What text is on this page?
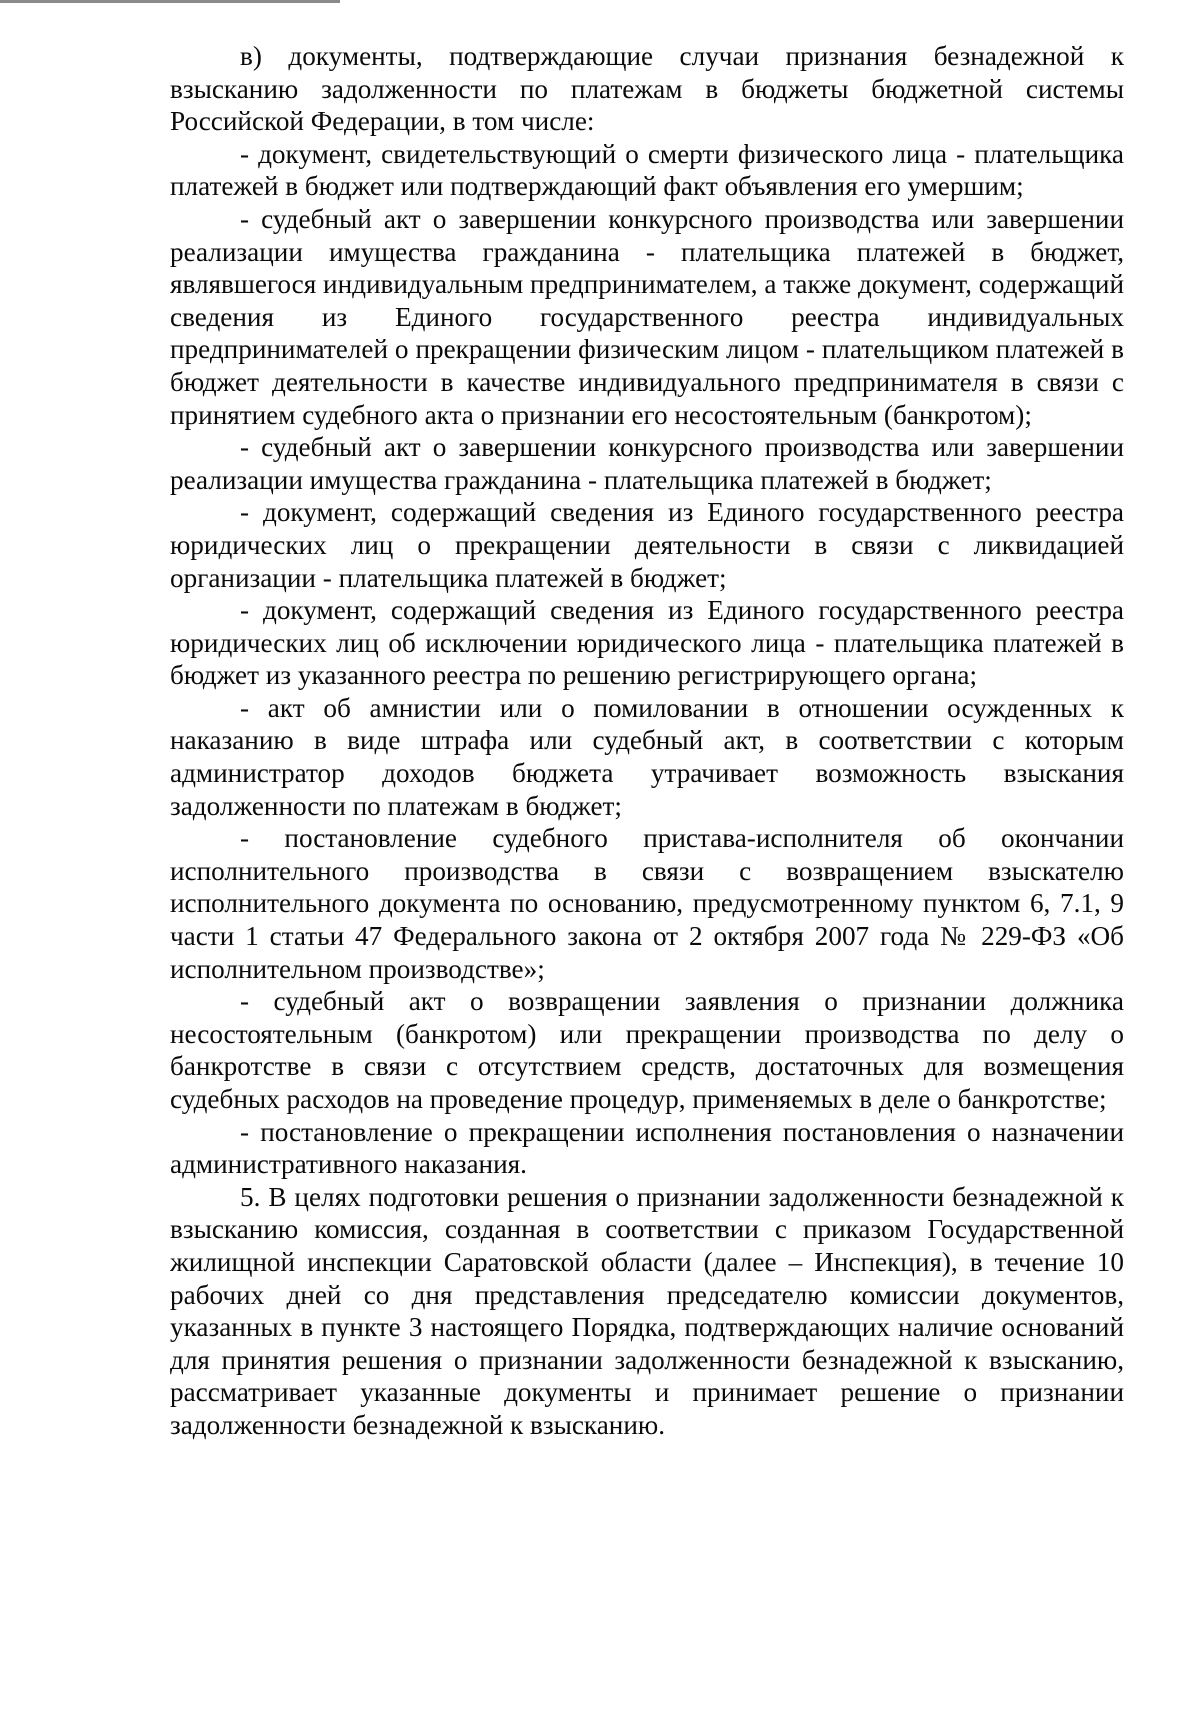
в) документы, подтверждающие случаи признания безнадежной к взысканию задолженности по платежам в бюджеты бюджетной системы Российской Федерации, в том числе:

- документ, свидетельствующий о смерти физического лица - плательщика платежей в бюджет или подтверждающий факт объявления его умершим;

- судебный акт о завершении конкурсного производства или завершении реализации имущества гражданина - плательщика платежей в бюджет, являвшегося индивидуальным предпринимателем, а также документ, содержащий сведения из Единого государственного реестра индивидуальных предпринимателей о прекращении физическим лицом - плательщиком платежей в бюджет деятельности в качестве индивидуального предпринимателя в связи с принятием судебного акта о признании его несостоятельным (банкротом);

- судебный акт о завершении конкурсного производства или завершении реализации имущества гражданина - плательщика платежей в бюджет;

- документ, содержащий сведения из Единого государственного реестра юридических лиц о прекращении деятельности в связи с ликвидацией организации - плательщика платежей в бюджет;

- документ, содержащий сведения из Единого государственного реестра юридических лиц об исключении юридического лица - плательщика платежей в бюджет из указанного реестра по решению регистрирующего органа;

- акт об амнистии или о помиловании в отношении осужденных к наказанию в виде штрафа или судебный акт, в соответствии с которым администратор доходов бюджета утрачивает возможность взыскания задолженности по платежам в бюджет;

- постановление судебного пристава-исполнителя об окончании исполнительного производства в связи с возвращением взыскателю исполнительного документа по основанию, предусмотренному пунктом 6, 7.1, 9 части 1 статьи 47 Федерального закона от 2 октября 2007 года № 229-ФЗ «Об исполнительном производстве»;

- судебный акт о возвращении заявления о признании должника несостоятельным (банкротом) или прекращении производства по делу о банкротстве в связи с отсутствием средств, достаточных для возмещения судебных расходов на проведение процедур, применяемых в деле о банкротстве;

- постановление о прекращении исполнения постановления о назначении административного наказания.

5. В целях подготовки решения о признании задолженности безнадежной к взысканию комиссия, созданная в соответствии с приказом Государственной жилищной инспекции Саратовской области (далее – Инспекция), в течение 10 рабочих дней со дня представления председателю комиссии документов, указанных в пункте 3 настоящего Порядка, подтверждающих наличие оснований для принятия решения о признании задолженности безнадежной к взысканию, рассматривает указанные документы и принимает решение о признании задолженности безнадежной к взысканию.
